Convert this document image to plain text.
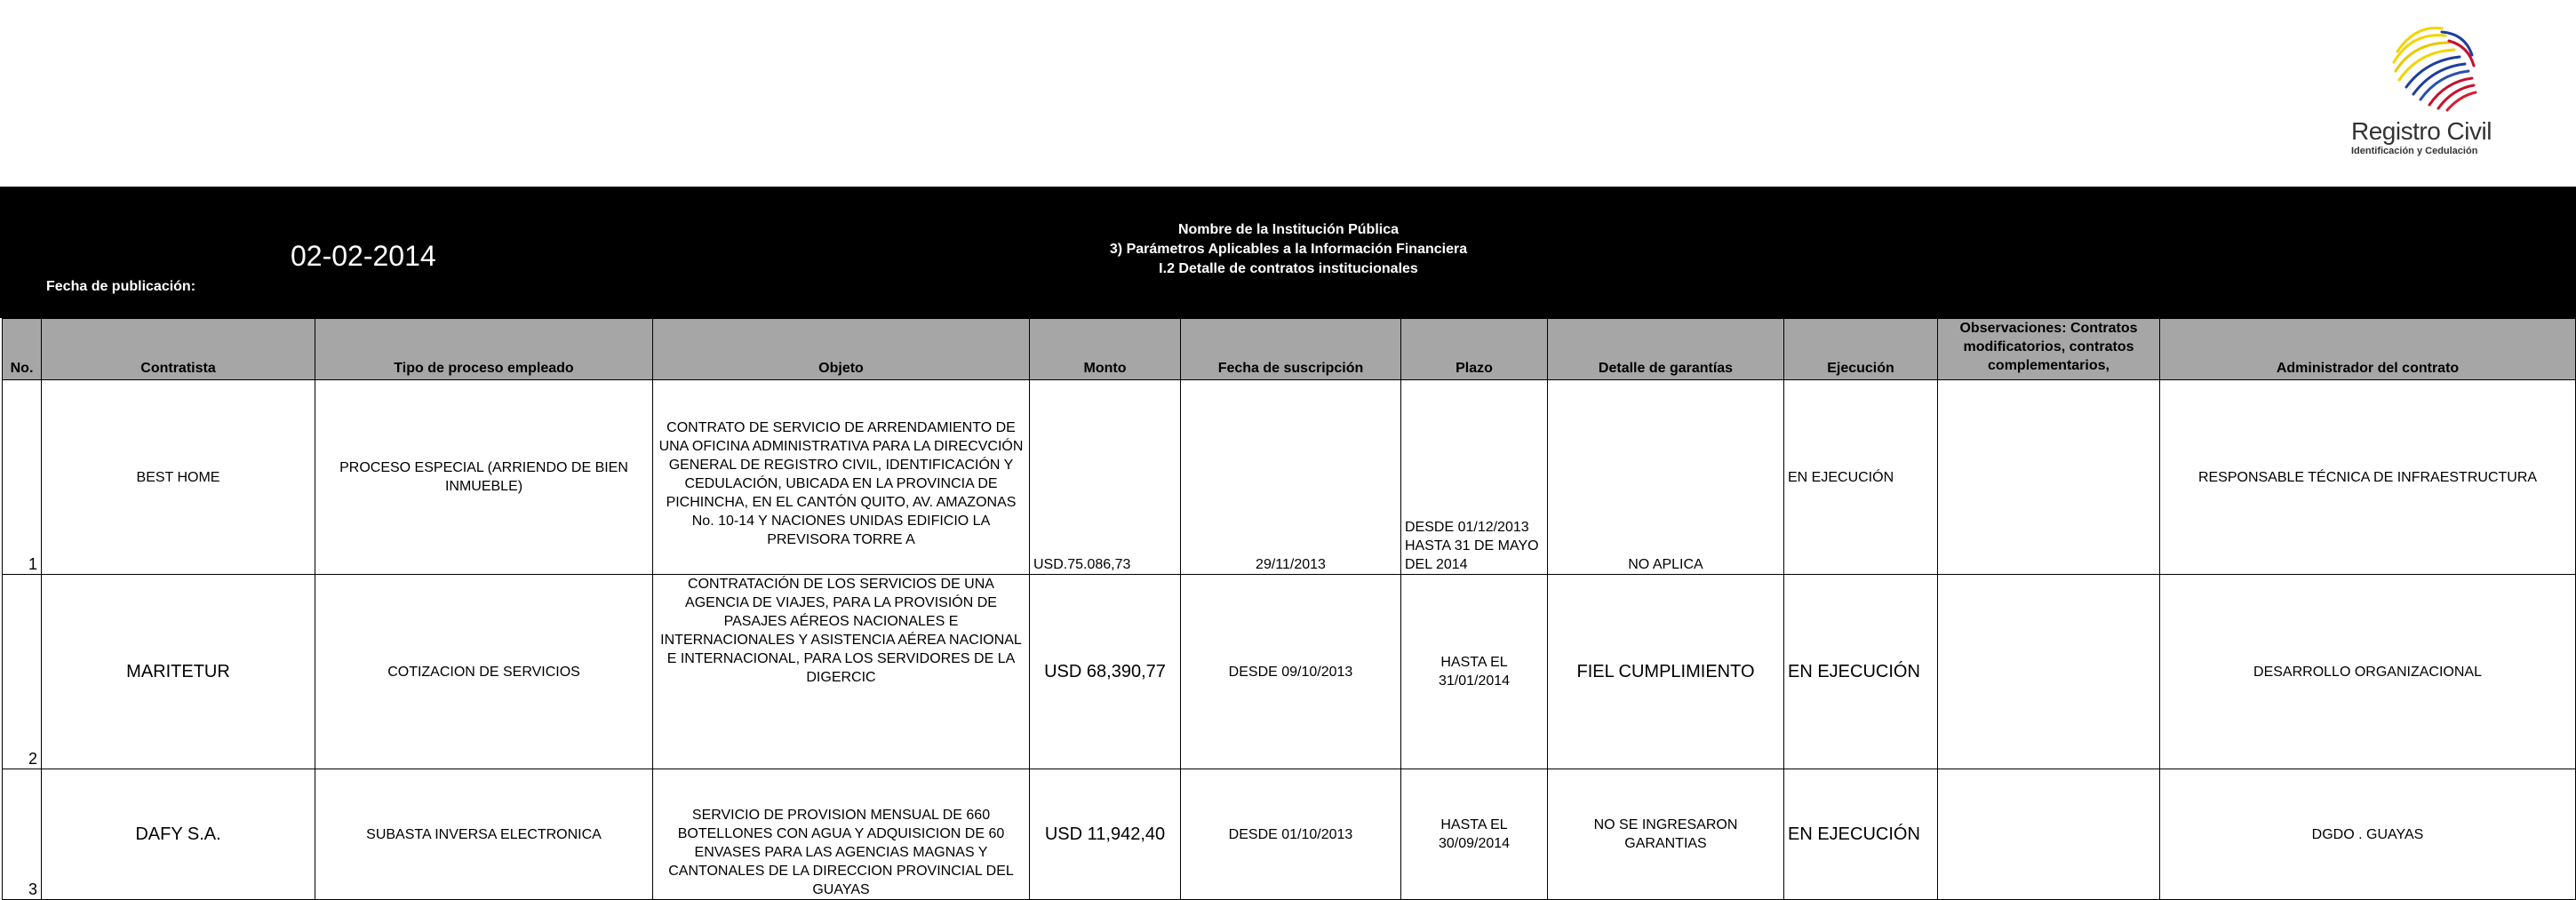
Registro Civil
Identificación y Cedulación
Fecha de publicación:
02-02-2014
Nombre de la Institución Pública
3) Parámetros Aplicables a la Información Financiera
I.2 Detalle de contratos institucionales
No.	Contratista	Tipo de proceso empleado	Objeto	Monto	Fecha de suscripción	Plazo	Detalle de garantías	Ejecución	Observaciones: Contratos modificatorios, contratos complementarios,	Administrador del contrato
1	BEST HOME	PROCESO ESPECIAL (ARRIENDO DE BIEN INMUEBLE)	CONTRATO DE SERVICIO DE ARRENDAMIENTO DE UNA OFICINA ADMINISTRATIVA PARA LA DIRECVCIÓN GENERAL DE REGISTRO CIVIL, IDENTIFICACIÓN Y CEDULACIÓN, UBICADA EN LA PROVINCIA DE PICHINCHA, EN EL CANTÓN QUITO, AV. AMAZONAS No. 10-14 Y NACIONES UNIDAS EDIFICIO LA PREVISORA TORRE A	USD.75.086,73	29/11/2013	DESDE 01/12/2013 HASTA 31 DE MAYO DEL 2014	NO APLICA	EN EJECUCIÓN		RESPONSABLE TÉCNICA DE INFRAESTRUCTURA
2	MARITETUR	COTIZACION DE SERVICIOS	CONTRATACIÓN DE LOS SERVICIOS DE UNA AGENCIA DE VIAJES, PARA LA PROVISIÓN DE PASAJES AÉREOS NACIONALES E INTERNACIONALES Y ASISTENCIA AÉREA NACIONAL E INTERNACIONAL, PARA LOS SERVIDORES DE LA DIGERCIC	USD 68,390,77	DESDE 09/10/2013	HASTA EL 31/01/2014	FIEL CUMPLIMIENTO	EN EJECUCIÓN		DESARROLLO ORGANIZACIONAL
3	DAFY S.A.	SUBASTA INVERSA ELECTRONICA	SERVICIO DE PROVISION MENSUAL DE 660 BOTELLONES CON AGUA Y ADQUISICION DE 60 ENVASES PARA LAS AGENCIAS MAGNAS Y CANTONALES DE LA DIRECCION PROVINCIAL DEL GUAYAS	USD 11,942,40	DESDE 01/10/2013	HASTA EL 30/09/2014	NO SE INGRESARON GARANTIAS	EN EJECUCIÓN		DGDO . GUAYAS
